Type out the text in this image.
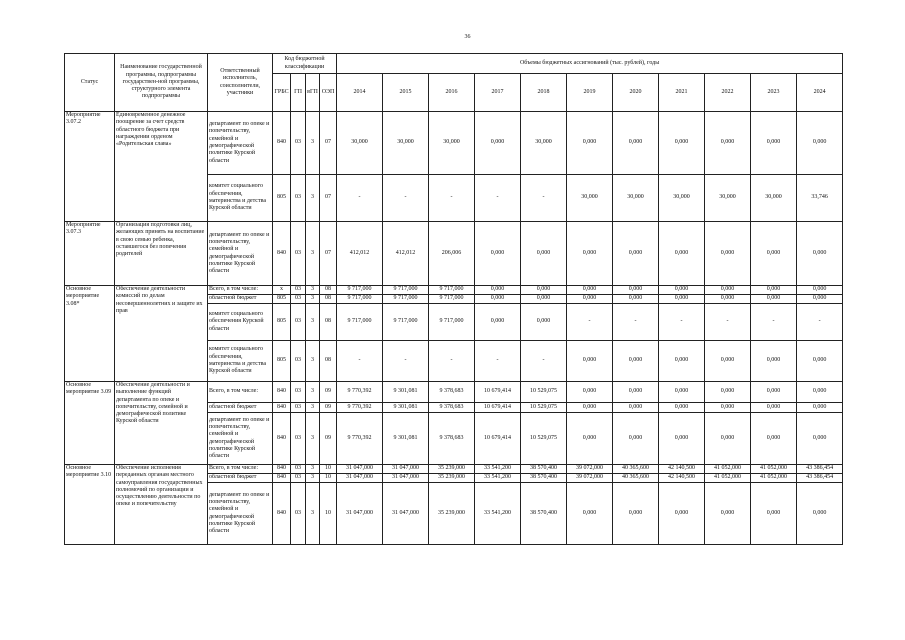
36
Статус	Наименование государственной программы, подпрограммы государствен-ной программы, структурного элемента подпрограммы	Ответственный исполнитель, соисполнители, участники	Код бюджетной классификации				Объемы бюджетных ассигнований (тыс. рублей), годы										
			ГРБС	ГП	вГП	ОЭП	2014	2015	2016	2017	2018	2019	2020	2021	2022	2023	2024
Мероприятие 3.07.2	Единовременное денежное поощрение за счет средств областного бюджета при награждении орденом «Родительская слава»	департамент по опеке и попечительству, семейной и демографической политике Курской области	840	03	3	07	30,000	30,000	30,000	0,000	30,000	0,000	0,000	0,000	0,000	0,000	0,000
		комитет социального обеспечения, материнства и детства Курской области	805	03	3	07	-	-	-	-	-	30,000	30,000	30,000	30,000	30,000	33,746
Мероприятие 3.07.3	Организация подготовки лиц, желающих принять на воспитание в свою семью ребенка, оставшегося без попечения родителей	департамент по опеке и попечительству, семейной и демографической политике Курской области	840	03	3	07	412,012	412,012	206,006	0,000	0,000	0,000	0,000	0,000	0,000	0,000	0,000
Основное мероприятие 3.08*	Обеспечение деятельности комиссий по делам несовершеннолетних и защите их прав	Всего, в том числе:	х	03	3	08	9 717,000	9 717,000	9 717,000	0,000	0,000	0,000	0,000	0,000	0,000	0,000	0,000
		областной бюджет	805	03	3	08	9 717,000	9 717,000	9 717,000	0,000	0,000	0,000	0,000	0,000	0,000	0,000	0,000
		комитет социального обеспечения Курской области	805	03	3	08	9 717,000	9 717,000	9 717,000	0,000	0,000	-	-	-	-	-	-
		комитет социального обеспечения, материнства и детства Курской области	805	03	3	08	-	-	-	-	-	0,000	0,000	0,000	0,000	0,000	0,000
Основное мероприятие 3.09	Обеспечение деятельности и выполнение функций департамента по опеке и попечительству, семейной и демографической политике Курской области	Всего, в том числе:	840	03	3	09	9 770,392	9 301,081	9 378,683	10 679,414	10 529,075	0,000	0,000	0,000	0,000	0,000	0,000
		областной бюджет	840	03	3	09	9 770,392	9 301,081	9 378,683	10 679,414	10 529,075	0,000	0,000	0,000	0,000	0,000	0,000
		департамент по опеке и попечительству, семейной и демографической политике Курской области	840	03	3	09	9 770,392	9 301,081	9 378,683	10 679,414	10 529,075	0,000	0,000	0,000	0,000	0,000	0,000
Основное мероприятие 3.10	Обеспечение исполнения переданных органам местного самоуправления государственных полномочий по организации и осуществлению деятельности по опеке и попечительству	Всего, в том числе:	840	03	3	10	31 047,000	31 047,000	35 239,000	33 541,200	38 570,400	39 072,000	40 365,600	42 140,500	41 052,000	41 052,000	43 386,454
		областной бюджет	840	03	3	10	31 047,000	31 047,000	35 239,000	33 541,200	38 570,400	39 072,000	40 365,600	42 140,500	41 052,000	41 052,000	43 386,454
		департамент по опеке и попечительству, семейной и демографической политике Курской области	840	03	3	10	31 047,000	31 047,000	35 239,000	33 541,200	38 570,400	0,000	0,000	0,000	0,000	0,000	0,000
